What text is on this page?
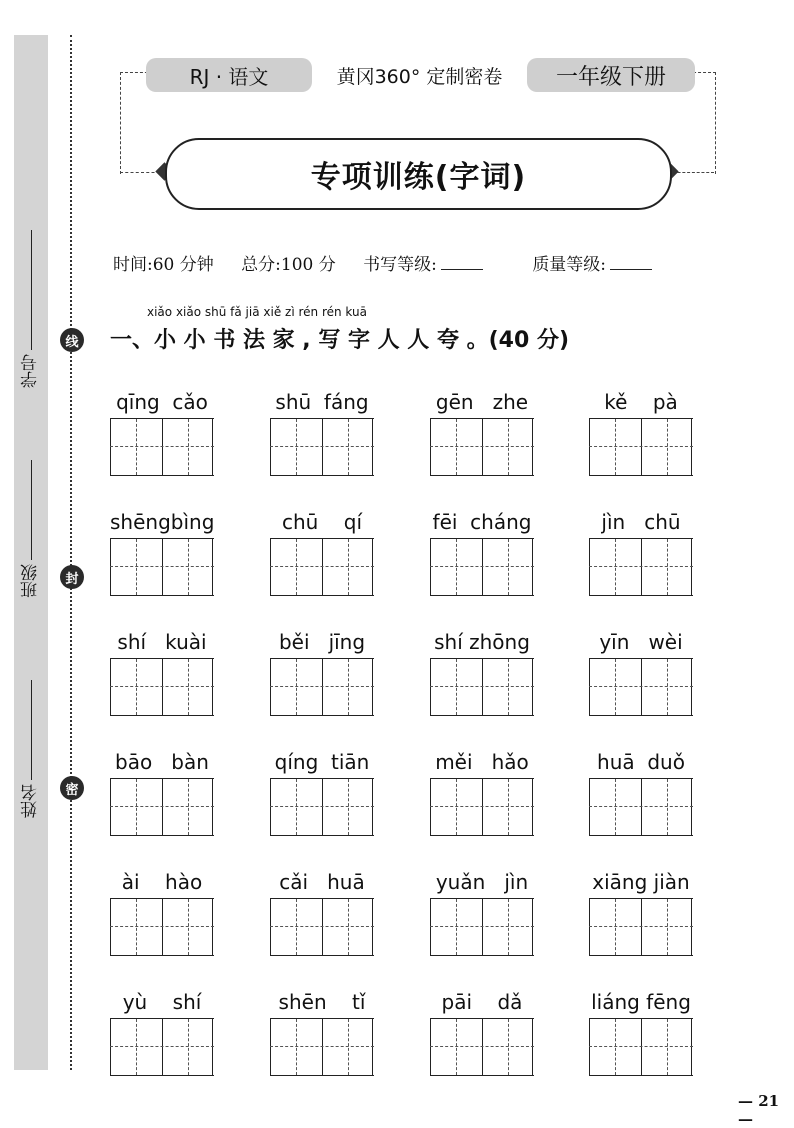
学号
班级
姓名
线
封
密
RJ · 语文	黄冈360° 定制密卷	一年级下册
专项训练(字词)
时间:60 分钟 总分:100 分 书写等级:	质量等级:
xiǎo xiǎo shū fǎ jiā xiě zì rén rén kuā
一、小 小 书 法 家 , 写 字 人 人 夸 。(40 分)
qīng  cǎo	shū  fáng	gēn   zhe	kě    pà
shēngbìng	chū    qí	fēi  cháng	jìn   chū
shí   kuài	běi   jīng	shí zhōng	yīn   wèi
bāo   bàn	qíng  tiān	měi   hǎo	huā  duǒ
ài    hào	cǎi   huā	yuǎn   jìn	xiāng jiàn
yù    shí	shēn    tǐ	pāi    dǎ	liáng fēng
— 21 —
